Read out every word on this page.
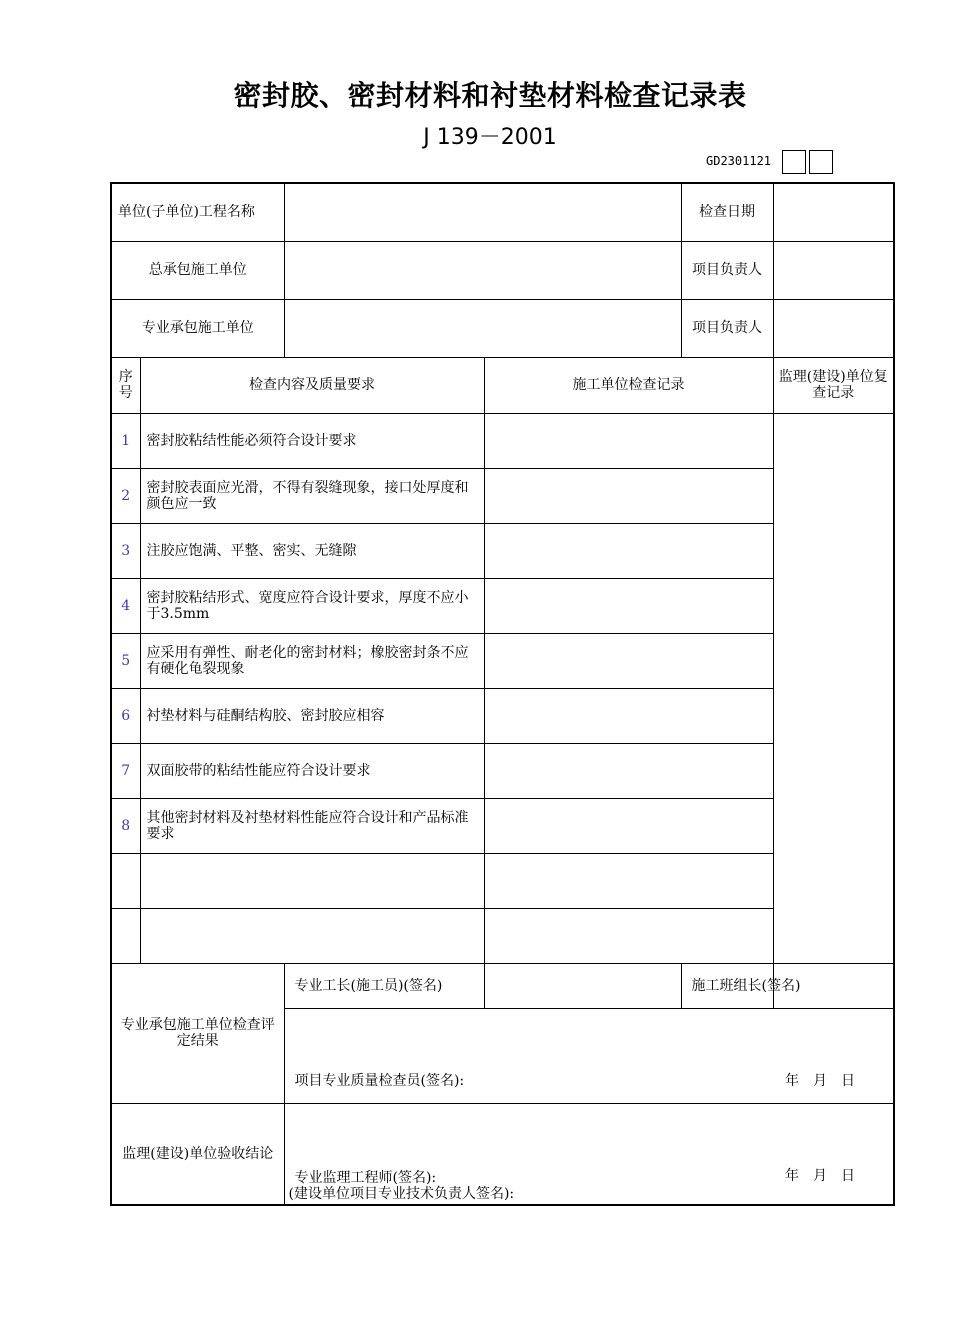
密封胶、密封材料和衬垫材料检查记录表
J 139－2001
GD2301121
单位(子单位)工程名称				检查日期	
总承包施工单位				项目负责人	
专业承包施工单位				项目负责人	
序号	检查内容及质量要求		施工单位检查记录		监理(建设)单位复查记录
1	密封胶粘结性能必须符合设计要求				
2	密封胶表面应光滑，不得有裂缝现象，接口处厚度和颜色应一致				
3	注胶应饱满、平整、密实、无缝隙				
4	密封胶粘结形式、宽度应符合设计要求，厚度不应小于3.5mm				
5	应采用有弹性、耐老化的密封材料；橡胶密封条不应有硬化龟裂现象				
6	衬垫材料与硅酮结构胶、密封胶应相容				
7	双面胶带的粘结性能应符合设计要求				
8	其他密封材料及衬垫材料性能应符合设计和产品标准要求				

专业承包施工单位检查评定结果		专业工长(施工员)(签名)		施工班组长(签名)	

		项目专业质量检查员(签名): 年　月　日			

监理(建设)单位验收结论		专业监理工程师(签名):
(建设单位项目专业技术负责人签名):
年　月　日			
